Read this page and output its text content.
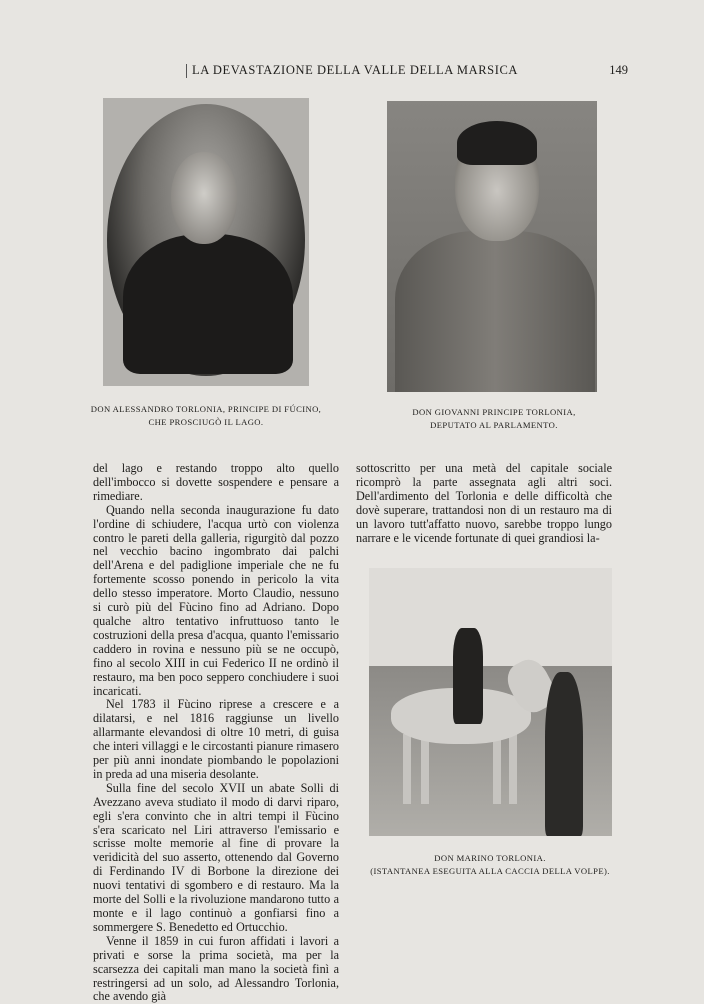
LA DEVASTAZIONE DELLA VALLE DELLA MARSICA	149
DON ALESSANDRO TORLONIA, PRINCIPE DI FÚCINO,
CHE PROSCIUGÒ IL LAGO.
DON GIOVANNI PRINCIPE TORLONIA,
DEPUTATO AL PARLAMENTO.

del lago e restando troppo alto quello dell'imbocco si dovette sospendere e pensare a rimediare.

Quando nella seconda inaugurazione fu dato l'ordine di schiudere, l'acqua urtò con violenza contro le pareti della galleria, rigurgitò dal pozzo nel vecchio bacino ingombrato dai palchi dell'Arena e del padiglione imperiale che ne fu fortemente scosso ponendo in pericolo la vita dello stesso imperatore. Morto Claudio, nessuno si curò più del Fùcino fino ad Adriano. Dopo qualche altro tentativo infruttuoso tanto le costruzioni della presa d'acqua, quanto l'emissario caddero in rovina e nessuno più se ne occupò, fino al secolo XIII in cui Federico II ne ordinò il restauro, ma ben poco seppero conchiudere i suoi incaricati.

Nel 1783 il Fùcino riprese a crescere e a dilatarsi, e nel 1816 raggiunse un livello allarmante elevandosi di oltre 10 metri, di guisa che interi villaggi e le circostanti pianure rimasero per più anni inondate piombando le popolazioni in preda ad una miseria desolante.

Sulla fine del secolo XVII un abate Solli di Avezzano aveva studiato il modo di darvi riparo, egli s'era convinto che in altri tempi il Fùcino s'era scaricato nel Liri attraverso l'emissario e scrisse molte memorie al fine di provare la veridicità del suo asserto, ottenendo dal Governo di Ferdinando IV di Borbone la direzione dei nuovi tentativi di sgombero e di restauro. Ma la morte del Solli e la rivoluzione mandarono tutto a monte e il lago continuò a gonfiarsi fino a sommergere S. Benedetto ed Ortucchio.

Venne il 1859 in cui furon affidati i lavori a privati e sorse la prima società, ma per la scarsezza dei capitali man mano la società finì a restringersi ad un solo, ad Alessandro Torlonia, che avendo già

sottoscritto per una metà del capitale sociale ricomprò la parte assegnata agli altri soci. Dell'ardimento del Torlonia e delle difficoltà che dovè superare, trattandosi non di un restauro ma di un lavoro tutt'affatto nuovo, sarebbe troppo lungo narrare e le vicende fortunate di quei grandiosi la-

DON MARINO TORLONIA.
(ISTANTANEA ESEGUITA ALLA CACCIA DELLA VOLPE).
